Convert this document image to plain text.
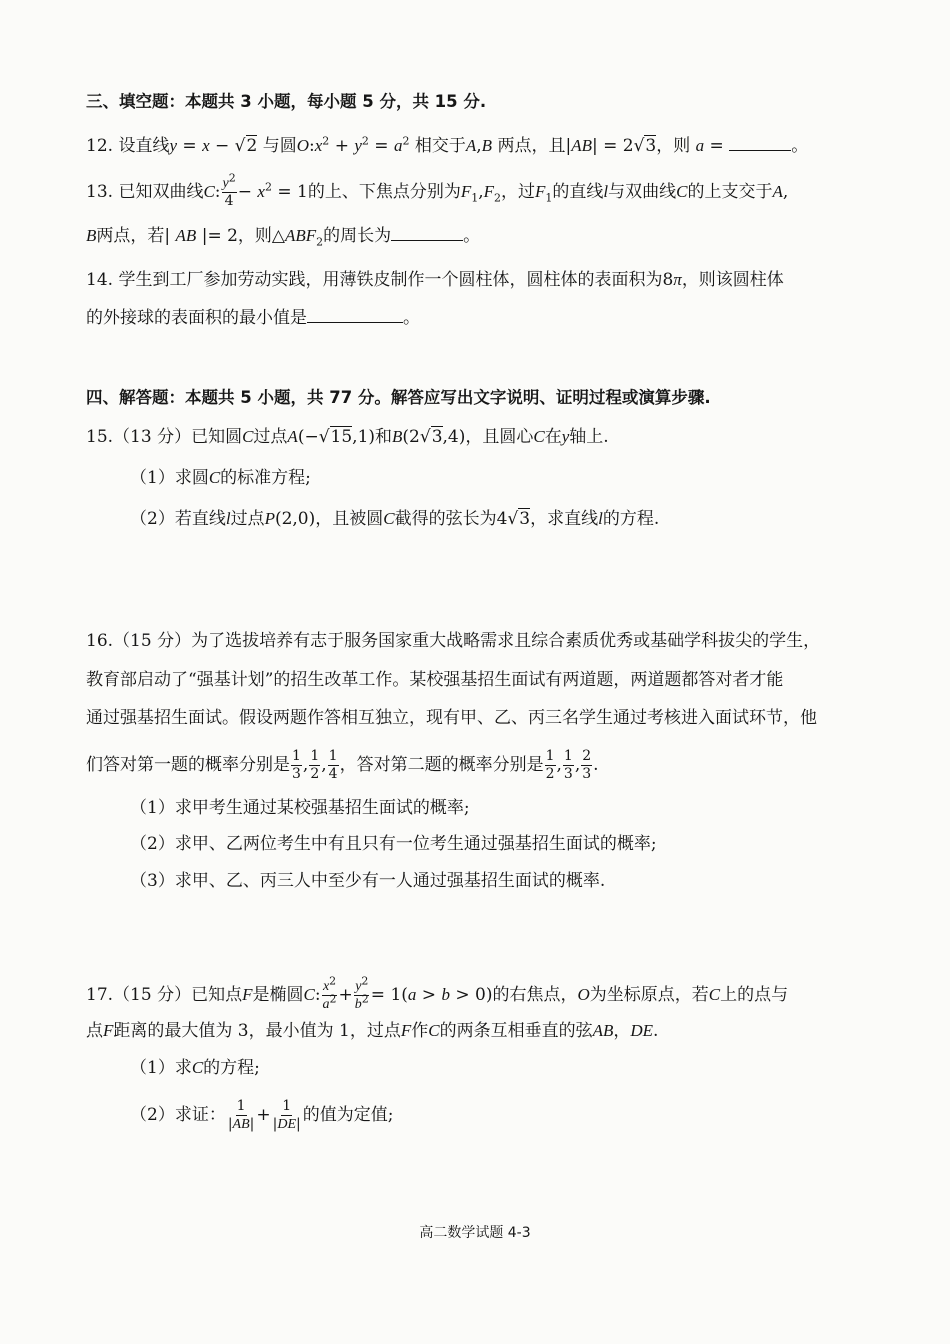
三、填空题：本题共 3 小题，每小题 5 分，共 15 分.
12. 设直线y = x − √2 与圆$O:x^2 + y^2 = a^2$ 相交于A,B 两点，且|AB| = 2√3，则 a =	。
13. 已知双曲线C: $\frac{y^2}{4} - x^2 = 1$的上、下焦点分别为$F_1,F_2$，过$F_1$的直线l与双曲线C的上支交于A,
B两点，若| AB |= 2，则$\triangle ABF_2$的周长为	。
14. 学生到工厂参加劳动实践，用薄铁皮制作一个圆柱体，圆柱体的表面积为8π，则该圆柱体
的外接球的表面积的最小值是	。
四、解答题：本题共 5 小题，共 77 分。解答应写出文字说明、证明过程或演算步骤.
15.（13 分）已知圆C过点A(−√15,1)和B(2√3,4)，且圆心C在y轴上.
（1）求圆C的标准方程;
（2）若直线l过点P(2,0)，且被圆C截得的弦长为4√3，求直线l的方程.
16.（15 分）为了选拔培养有志于服务国家重大战略需求且综合素质优秀或基础学科拔尖的学生，
教育部启动了“强基计划”的招生改革工作。某校强基招生面试有两道题，两道题都答对者才能
通过强基招生面试。假设两题作答相互独立，现有甲、乙、丙三名学生通过考核进入面试环节，他
们答对第一题的概率分别是 $\frac{1}{3}$ , $\frac{1}{2}$ , $\frac{1}{4}$ ，答对第二题的概率分别是 $\frac{1}{2}$ , $\frac{1}{3}$ , $\frac{2}{3}$ .
（1）求甲考生通过某校强基招生面试的概率;
（2）求甲、乙两位考生中有且只有一位考生通过强基招生面试的概率;
（3）求甲、乙、丙三人中至少有一人通过强基招生面试的概率.
17.（15 分）已知点F是椭圆C: $\frac{x^2}{a^2} + \frac{y^2}{b^2} = 1(a > b > 0)$的右焦点，O为坐标原点，若C上的点与
点F距离的最大值为 3，最小值为 1，过点F作C的两条互相垂直的弦AB，DE.
（1）求C的方程;
（2）求证： $\frac{1}{|AB|} + \frac{1}{|DE|}$ 的值为定值;
高二数学试题 4-3
